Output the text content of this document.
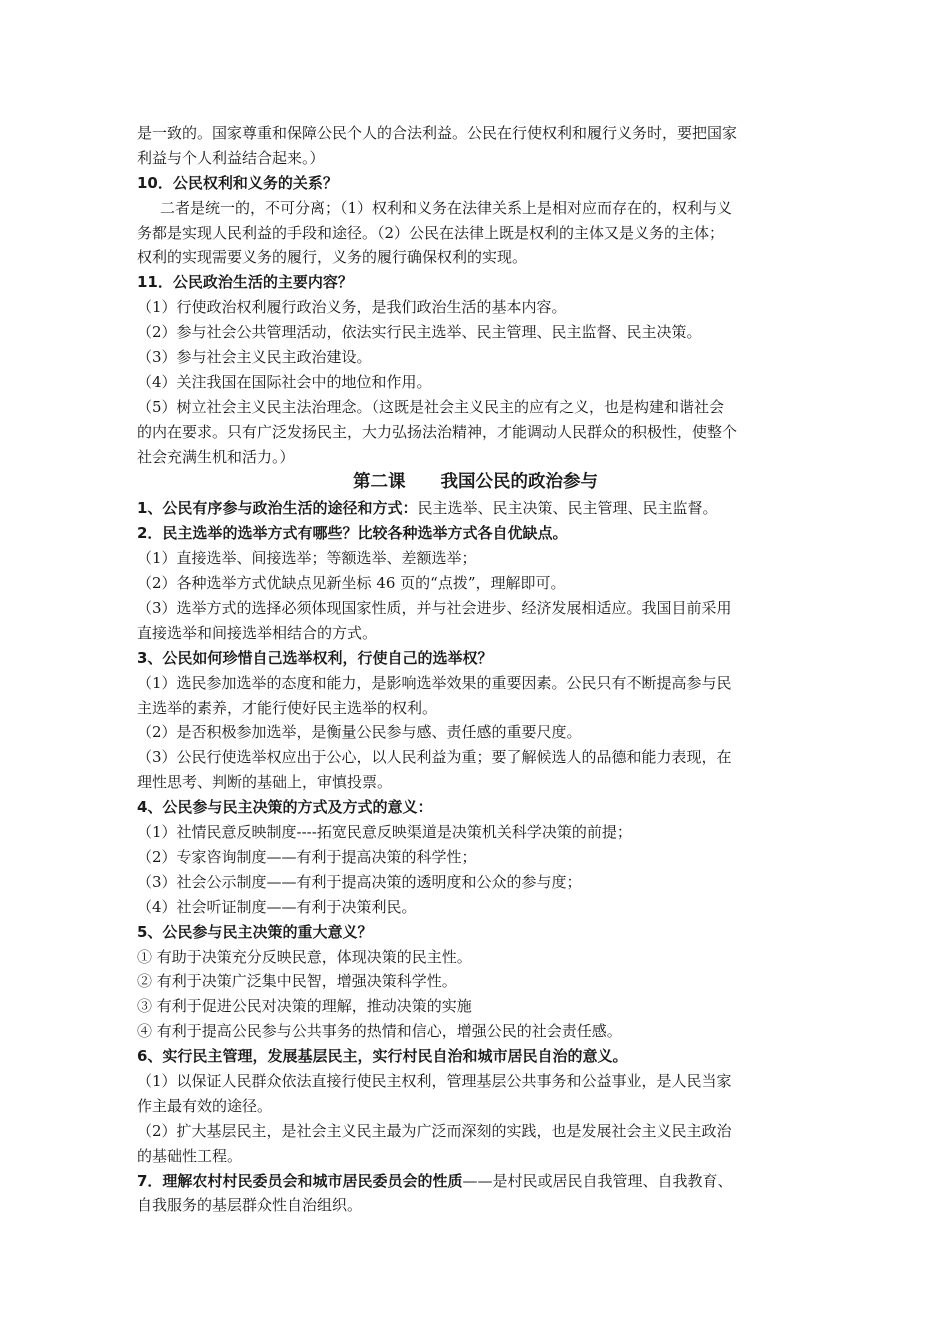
是一致的。国家尊重和保障公民个人的合法利益。公民在行使权利和履行义务时，要把国家
利益与个人利益结合起来。）
10．公民权利和义务的关系？
二者是统一的，不可分离；（1）权利和义务在法律关系上是相对应而存在的，权利与义
务都是实现人民利益的手段和途径。（2）公民在法律上既是权利的主体又是义务的主体；
权利的实现需要义务的履行，义务的履行确保权利的实现。
11．公民政治生活的主要内容？
（1）行使政治权利履行政治义务，是我们政治生活的基本内容。
（2）参与社会公共管理活动，依法实行民主选举、民主管理、民主监督、民主决策。
（3）参与社会主义民主政治建设。
（4）关注我国在国际社会中的地位和作用。
（5）树立社会主义民主法治理念。（这既是社会主义民主的应有之义，也是构建和谐社会
的内在要求。只有广泛发扬民主，大力弘扬法治精神，才能调动人民群众的积极性，使整个
社会充满生机和活力。）
第二课　　我国公民的政治参与
1、公民有序参与政治生活的途径和方式：民主选举、民主决策、民主管理、民主监督。
2．民主选举的选举方式有哪些？比较各种选举方式各自优缺点。
（1）直接选举、间接选举；等额选举、差额选举；
（2）各种选举方式优缺点见新坐标 46 页的“点拨”，理解即可。
（3）选举方式的选择必须体现国家性质，并与社会进步、经济发展相适应。我国目前采用
直接选举和间接选举相结合的方式。
3、公民如何珍惜自己选举权利，行使自己的选举权？
（1）选民参加选举的态度和能力，是影响选举效果的重要因素。公民只有不断提高参与民
主选举的素养，才能行使好民主选举的权利。
（2）是否积极参加选举，是衡量公民参与感、责任感的重要尺度。
（3）公民行使选举权应出于公心，以人民利益为重；要了解候选人的品德和能力表现，在
理性思考、判断的基础上，审慎投票。
4、公民参与民主决策的方式及方式的意义：
（1）社情民意反映制度----拓宽民意反映渠道是决策机关科学决策的前提；
（2）专家咨询制度——有利于提高决策的科学性；
（3）社会公示制度——有利于提高决策的透明度和公众的参与度；
（4）社会听证制度——有利于决策利民。
5、公民参与民主决策的重大意义？
① 有助于决策充分反映民意，体现决策的民主性。
② 有利于决策广泛集中民智，增强决策科学性。
③ 有利于促进公民对决策的理解，推动决策的实施
④ 有利于提高公民参与公共事务的热情和信心，增强公民的社会责任感。
6、实行民主管理，发展基层民主，实行村民自治和城市居民自治的意义。
（1）以保证人民群众依法直接行使民主权利，管理基层公共事务和公益事业，是人民当家
作主最有效的途径。
（2）扩大基层民主，是社会主义民主最为广泛而深刻的实践，也是发展社会主义民主政治
的基础性工程。
7．理解农村村民委员会和城市居民委员会的性质——是村民或居民自我管理、自我教育、
自我服务的基层群众性自治组织。
